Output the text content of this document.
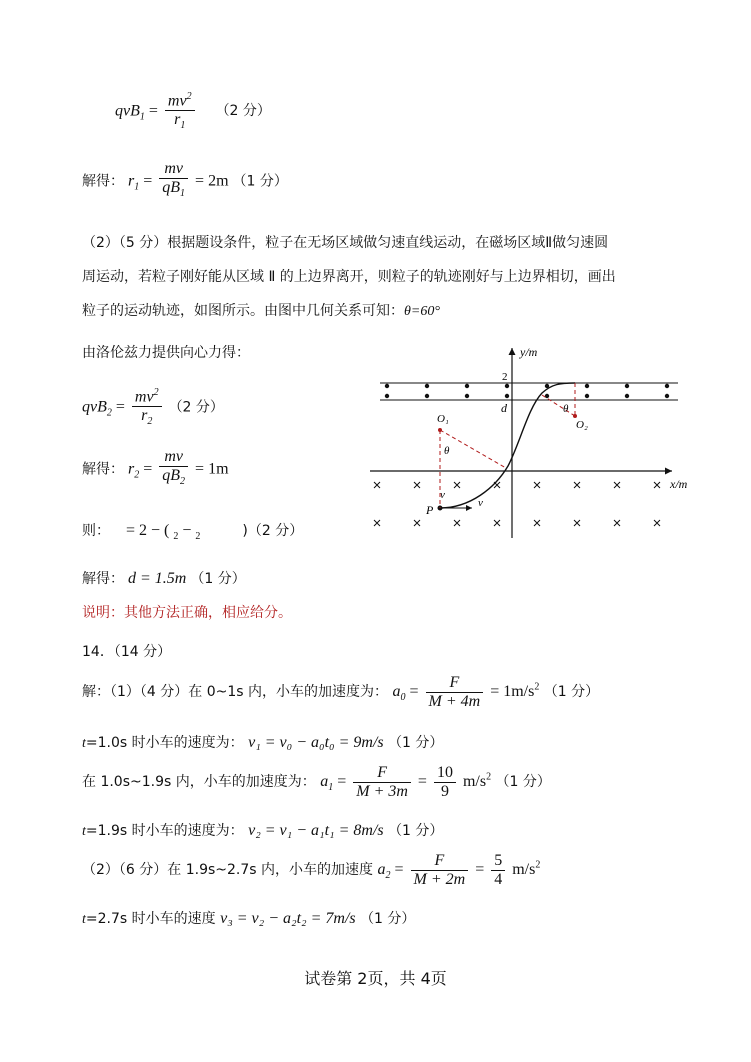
$qvB_1 = \frac{mv^2}{r_1} (2$ 分）
解得： $r_1 = \frac{mv}{qB_1} = 2m$ （1 分）
（2）（5 分）根据题设条件，粒子在无场区域做匀速直线运动，在磁场区域Ⅱ做匀速圆
周运动，若粒子刚好能从区域 Ⅱ 的上边界离开，则粒子的轨迹刚好与上边界相切，画出
粒子的运动轨迹，如图所示。由图中几何关系可知：θ=60°
由洛伦兹力提供向心力得：
$qvB_2 = \frac{mv^2}{r_2} (2$ 分）
解得： $r_2 = \frac{mv}{qB_2} = 1m$
则： = 2 − ( $_2$ − $_2$	)（2 分）
解得： d = 1.5m （1 分）
说明：其他方法正确，相应给分。
14．（14 分）
解：（1）（4 分）在 0~1s 内，小车的加速度为： $a_0 = \frac{F}{M + 4m} = 1m/s^2$ （1 分）
t=1.0s 时小车的速度为： v₁ = v₀ − a₀t₀ = 9m/s （1 分）
在 1.0s~1.9s 内，小车的加速度为： $a_1 = \frac{F}{M + 3m} = \frac{10}{9} m/s^2$ （1 分）
t=1.9s 时小车的速度为： v₂ = v₁ − a₁t₁ = 8m/s （1 分）
（2）（6 分）在 1.9s~2.7s 内，小车的加速度 $a_2 = \frac{F}{M + 2m} = \frac{5}{4} m/s^2$
t=2.7s 时小车的速度 v₃ = v₂ − a₂t₂ = 7m/s （1 分）
试卷第 2页，共 4页
y/m
x/m
2
d
P	v
v
O₁
θ
O₂
θ
